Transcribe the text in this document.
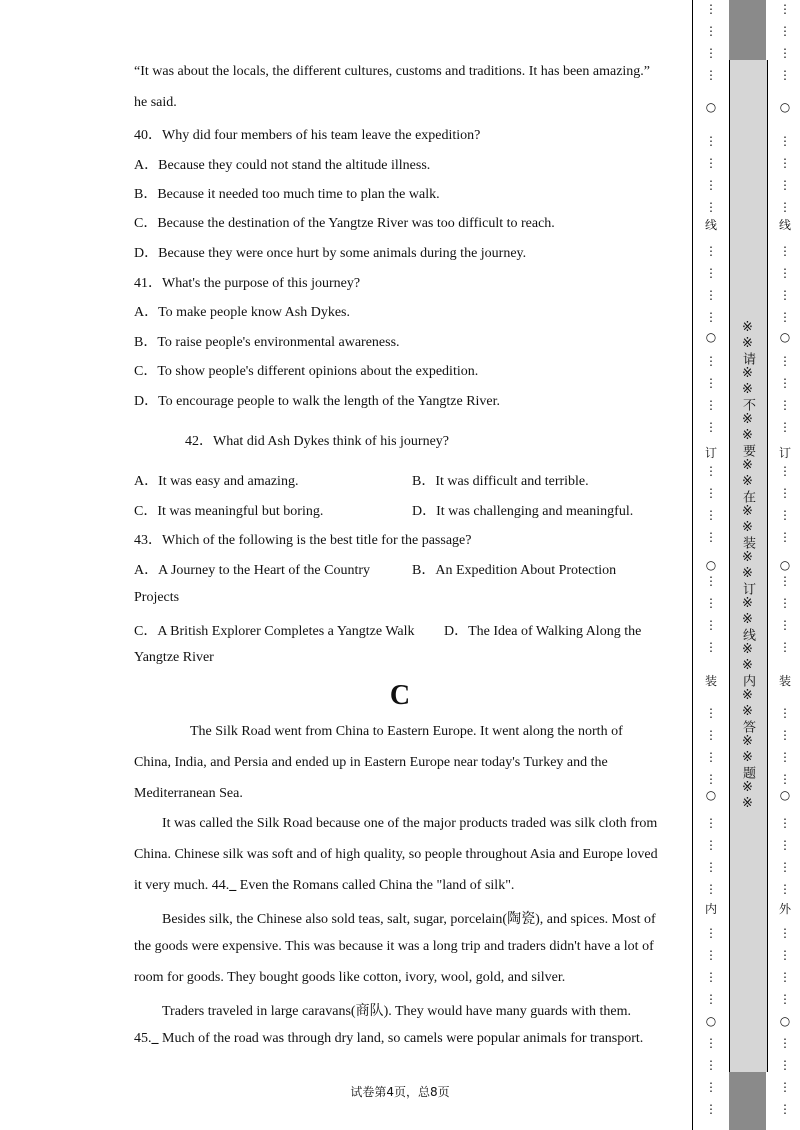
“It was about the locals, the different cultures, customs and traditions. It has been amazing.”
he said.
40．Why did four members of his team leave the expedition?
A．Because they could not stand the altitude illness.
B．Because it needed too much time to plan the walk.
C．Because the destination of the Yangtze River was too difficult to reach.
D．Because they were once hurt by some animals during the journey.
41．What's the purpose of this journey?
A．To make people know Ash Dykes.
B．To raise people's environmental awareness.
C．To show people's different opinions about the expedition.
D．To encourage people to walk the length of the Yangtze River.
42．What did Ash Dykes think of his journey?
A．It was easy and amazing.	B．It was difficult and terrible.
C．It was meaningful but boring.	D．It was challenging and meaningful.
43．Which of the following is the best title for the passage?
A．A Journey to the Heart of the Country	B．An Expedition About Protection
Projects
C．A British Explorer Completes a Yangtze Walk D．The Idea of Walking Along the
Yangtze River
C
The Silk Road went from China to Eastern Europe. It went along the north of
China, India, and Persia and ended up in Eastern Europe near today's Turkey and the
Mediterranean Sea.
It was called the Silk Road because one of the major products traded was silk cloth from
China. Chinese silk was soft and of high quality, so people throughout Asia and Europe loved
it very much. 44._ Even the Romans called China the "land of silk".
Besides silk, the Chinese also sold teas, salt, sugar, porcelain(陶瓷), and spices. Most of
the goods were expensive. This was because it was a long trip and traders didn't have a lot of
room for goods. They bought goods like cotton, ivory, wool, gold, and silver.
Traders traveled in large caravans(商队). They would have many guards with them.
45._ Much of the road was through dry land, so camels were popular animals for transport.
试卷第4页，总8页
※※请※※不※※要※※在※※装※※订※※线※※内※※答※※题※※
○
○
○
○
○
线
订
装
内
⋮
⋮
⋮
⋮
⋮
⋮
⋮
⋮
⋮
⋮
⋮
⋮
⋮
⋮
⋮
⋮
⋮
⋮
⋮
⋮
⋮
⋮
⋮
⋮
⋮
⋮
⋮
⋮
⋮
⋮
⋮
⋮
⋮
⋮
⋮
⋮
⋮
⋮
⋮
⋮
○
○
○
○
○
线
订
装
外
⋮
⋮
⋮
⋮
⋮
⋮
⋮
⋮
⋮
⋮
⋮
⋮
⋮
⋮
⋮
⋮
⋮
⋮
⋮
⋮
⋮
⋮
⋮
⋮
⋮
⋮
⋮
⋮
⋮
⋮
⋮
⋮
⋮
⋮
⋮
⋮
⋮
⋮
⋮
⋮
